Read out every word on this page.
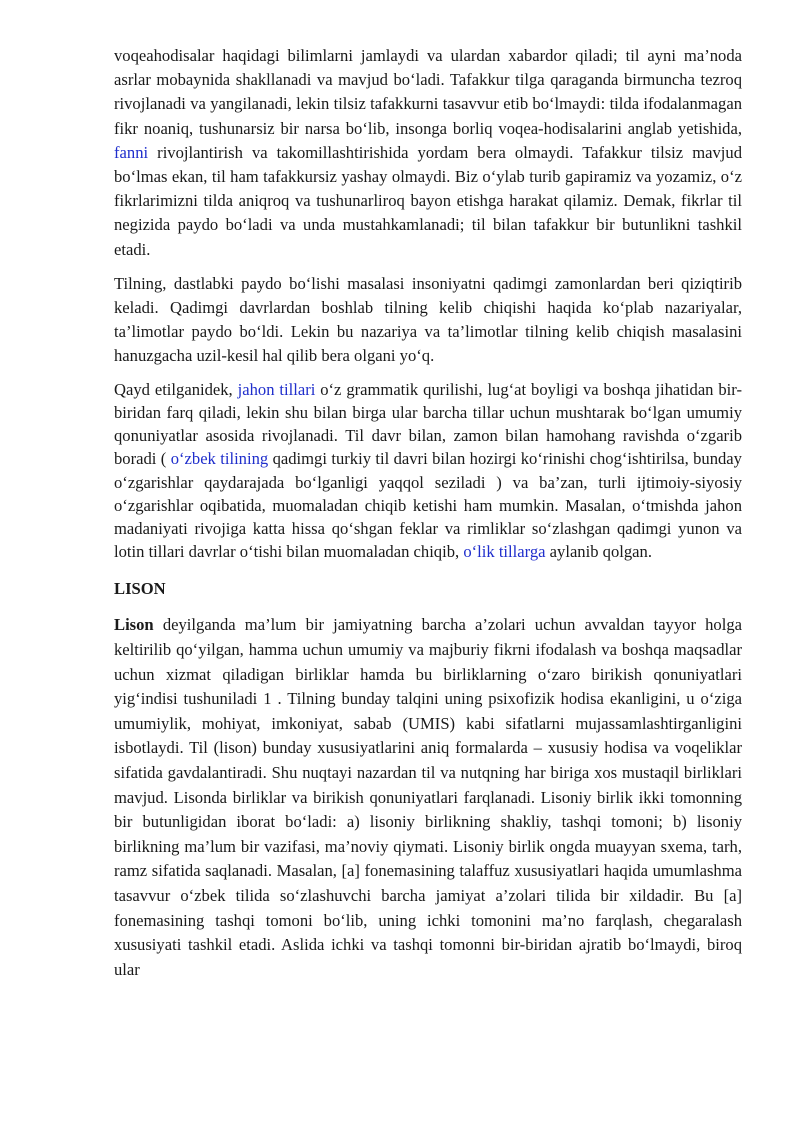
voqeahodisalar haqidagi bilimlarni jamlaydi va ulardan xabardor qiladi; til ayni ma’noda asrlar mobaynida shakllanadi va mavjud bo‘ladi. Tafakkur tilga qaraganda birmuncha tezroq rivojlanadi va yangilanadi, lekin tilsiz tafakkurni tasavvur etib bo‘lmaydi: tilda ifodalanmagan fikr noaniq, tushunarsiz bir narsa bo‘lib, insonga borliq voqea-hodisalarini anglab yetishida, fanni rivojlantirish va takomillashtirishida yordam bera olmaydi. Tafakkur tilsiz mavjud bo‘lmas ekan, til ham tafakkursiz yashay olmaydi. Biz o‘ylab turib gapiramiz va yozamiz, o‘z fikrlarimizni tilda aniqroq va tushunarliroq bayon etishga harakat qilamiz. Demak, fikrlar til negizida paydo bo‘ladi va unda mustahkamlanadi; til bilan tafakkur bir butunlikni tashkil etadi.

Tilning, dastlabki paydo bo‘lishi masalasi insoniyatni qadimgi zamonlardan beri qiziqtirib keladi. Qadimgi davrlardan boshlab tilning kelib chiqishi haqida ko‘plab nazariyalar, ta’limotlar paydo bo‘ldi. Lekin bu nazariya va ta’limotlar tilning kelib chiqish masalasini hanuzgacha uzil-kesil hal qilib bera olgani yo‘q.

Qayd etilganidek, jahon tillari o‘z grammatik qurilishi, lug‘at boyligi va boshqa jihatidan bir-biridan farq qiladi, lekin shu bilan birga ular barcha tillar uchun mushtarak bo‘lgan umumiy qonuniyatlar asosida rivojlanadi. Til davr bilan, zamon bilan hamohang ravishda o‘zgarib boradi ( o‘zbek tilining qadimgi turkiy til davri bilan hozirgi ko‘rinishi chog‘ishtirilsa, bunday o‘zgarishlar qaydarajada bo‘lganligi yaqqol seziladi ) va ba’zan, turli ijtimoiy-siyosiy o‘zgarishlar oqibatida, muomaladan chiqib ketishi ham mumkin. Masalan, o‘tmishda jahon madaniyati rivojiga katta hissa qo‘shgan feklar va rimliklar so‘zlashgan qadimgi yunon va lotin tillari davrlar o‘tishi bilan muomaladan chiqib, o‘lik tillarga aylanib qolgan.

LISON

Lison deyilganda ma’lum bir jamiyatning barcha a’zolari uchun avvaldan tayyor holga keltirilib qo‘yilgan, hamma uchun umumiy va majburiy fikrni ifodalash va boshqa maqsadlar uchun xizmat qiladigan birliklar hamda bu birliklarning o‘zaro birikish qonuniyatlari yig‘indisi tushuniladi 1 . Tilning bunday talqini uning psixofizik hodisa ekanligini, u o‘ziga umumiylik, mohiyat, imkoniyat, sabab (UMIS) kabi sifatlarni mujassamlashtirganligini isbotlaydi. Til (lison) bunday xususiyatlarini aniq formalarda – xususiy hodisa va voqeliklar sifatida gavdalantiradi. Shu nuqtayi nazardan til va nutqning har biriga xos mustaqil birliklari mavjud. Lisonda birliklar va birikish qonuniyatlari farqlanadi. Lisoniy birlik ikki tomonning bir butunligidan iborat bo‘ladi: a) lisoniy birlikning shakliy, tashqi tomoni; b) lisoniy birlikning ma’lum bir vazifasi, ma’noviy qiymati. Lisoniy birlik ongda muayyan sxema, tarh, ramz sifatida saqlanadi. Masalan, [a] fonemasining talaffuz xususiyatlari haqida umumlashma tasavvur o‘zbek tilida so‘zlashuvchi barcha jamiyat a’zolari tilida bir xildadir. Bu [a] fonemasining tashqi tomoni bo‘lib, uning ichki tomonini ma’no farqlash, chegaralash xususiyati tashkil etadi. Aslida ichki va tashqi tomonni bir-biridan ajratib bo‘lmaydi, biroq ular
